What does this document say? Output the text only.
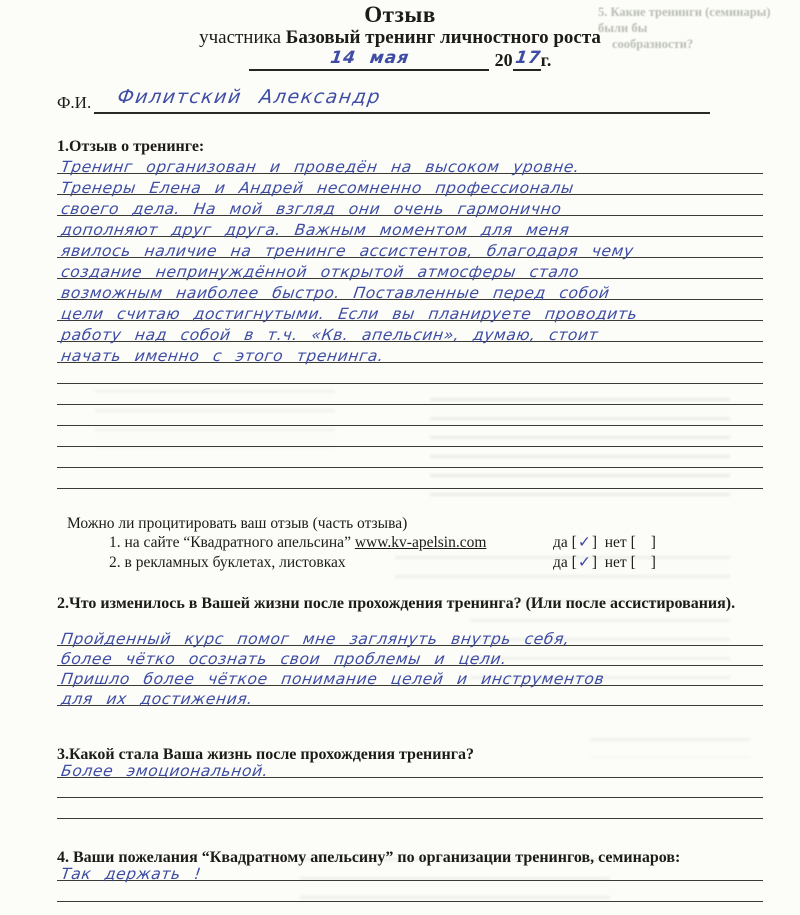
5. Какие тренинги (семинары) были бы
сообразности?
Отзыв
участника Базовый тренинг личностного роста
14 мая	20 17
г.
Ф.И.	Филитский Александр
1.Отзыв о тренинге:
Тренинг организован и проведён на высоком уровне.
Тренеры Елена и Андрей несомненно профессионалы
своего дела. На мой взгляд они очень гармонично
дополняют друг друга. Важным моментом для меня
явилось наличие на тренинге ассистентов, благодаря чему
создание непринуждённой открытой атмосферы стало
возможным наиболее быстро. Поставленные перед собой
цели считаю достигнутыми. Если вы планируете проводить
работу над собой в т.ч. «Кв. апельсин», думаю, стоит
начать именно с этого тренинга.
Можно ли процитировать ваш отзыв (часть отзыва)
1. на сайте “Квадратного апельсина” www.kv-apelsin.com	да [✓] нет [ ]
2. в рекламных буклетах, листовках	да [✓] нет [ ]
2.Что изменилось в Вашей жизни после прохождения тренинга? (Или после ассистирования).
Пройденный курс помог мне заглянуть внутрь себя,
более чётко осознать свои проблемы и цели.
Пришло более чёткое понимание целей и инструментов
для их достижения.
3.Какой стала Ваша жизнь после прохождения тренинга?
Более эмоциональной.
4. Ваши пожелания “Квадратному апельсину” по организации тренингов, семинаров:
Так держать !
